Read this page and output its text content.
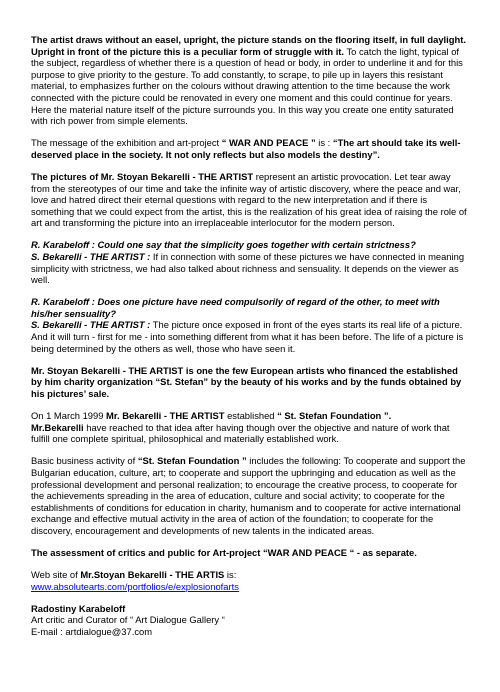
The artist draws without an easel, upright, the picture stands on the flooring itself, in full daylight. Upright in front of the picture this is a peculiar form of struggle with it. To catch the light, typical of the subject, regardless of whether there is a question of head or body, in order to underline it and for this purpose to give priority to the gesture. To add constantly, to scrape, to pile up in layers this resistant material, to emphasizes further on the colours without drawing attention to the time because the work connected with the picture could be renovated in every one moment and this could continue for years. Here the material nature itself of the picture surrounds you. In this way you create one entity saturated with rich power from simple elements.

The message of the exhibition and art-project “ WAR AND PEACE ” is : “The art should take its well-deserved place in the society. It not only reflects but also models the destiny”.

The pictures of Mr. Stoyan Bekarelli - THE ARTIST represent an artistic provocation. Let tear away from the stereotypes of our time and take the infinite way of artistic discovery, where the peace and war, love and hatred direct their eternal questions with regard to the new interpretation and if there is something that we could expect from the artist, this is the realization of his great idea of raising the role of art and transforming the picture into an irreplaceable interlocutor for the modern person.

R. Karabeloff : Could one say that the simplicity goes together with certain strictness?
S. Bekarelli - THE ARTIST : If in connection with some of these pictures we have connected in meaning simplicity with strictness, we had also talked about richness and sensuality. It depends on the viewer as well.

R. Karabeloff : Does one picture have need compulsorily of regard of the other, to meet with his/her sensuality?
S. Bekarelli - THE ARTIST : The picture once exposed in front of the eyes starts its real life of a picture. And it will turn - first for me - into something different from what it has been before. The life of a picture is being determined by the others as well, those who have seen it.

Mr. Stoyan Bekarelli - THE ARTIST is one the few European artists who financed the established by him charity organization “St. Stefan” by the beauty of his works and by the funds obtained by his pictures’ sale.

On 1 March 1999 Mr. Bekarelli - THE ARTIST established “ St. Stefan Foundation ”.
Mr.Bekarelli have reached to that idea after having though over the objective and nature of work that fulfill one complete spiritual, philosophical and materially established work.

Basic business activity of “St. Stefan Foundation ” includes the following: To cooperate and support the Bulgarian education, culture, art; to cooperate and support the upbringing and education as well as the professional development and personal realization; to encourage the creative process, to cooperate for the achievements spreading in the area of education, culture and social activity; to cooperate for the establishments of conditions for education in charity, humanism and to cooperate for active international exchange and effective mutual activity in the area of action of the foundation; to cooperate for the discovery, encouragement and developments of new talents in the indicated areas.

The assessment of critics and public for Art-project “WAR AND PEACE “ - as separate.

Web site of Mr.Stoyan Bekarelli - THE ARTIS is:
www.absolutearts.com/portfolios/e/explosionofarts

Radostiny Karabeloff
Art critic and Curator of “ Art Dialogue Gallery “
E-mail : artdialogue@37.com
